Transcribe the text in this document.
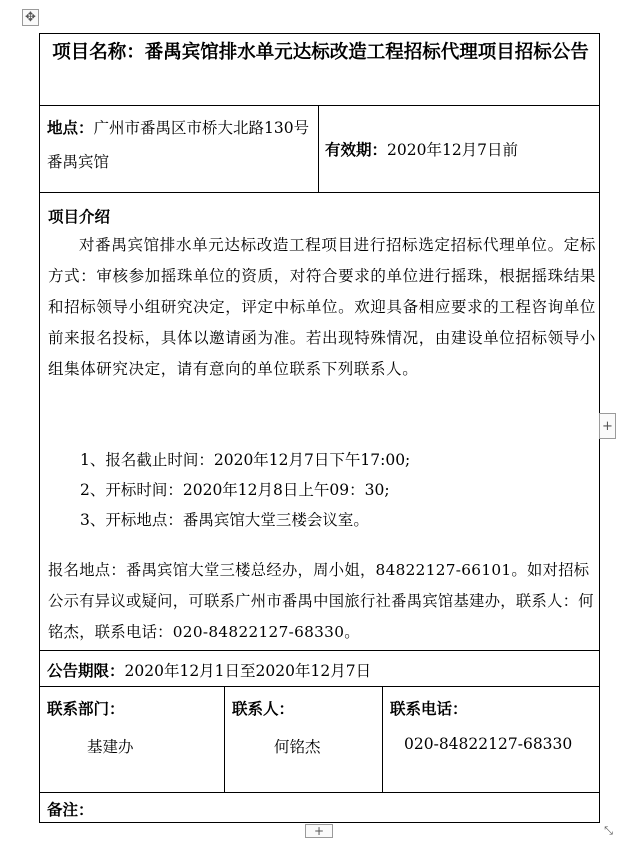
✥
项目名称：番禺宾馆排水单元达标改造工程招标代理项目招标公告
地点：广州市番禺区市桥大北路130号番禺宾馆
有效期：2020年12月7日前
项目介绍
对番禺宾馆排水单元达标改造工程项目进行招标选定招标代理单位。定标方式：审核参加摇珠单位的资质，对符合要求的单位进行摇珠，根据摇珠结果和招标领导小组研究决定，评定中标单位。欢迎具备相应要求的工程咨询单位前来报名投标，具体以邀请函为准。若出现特殊情况，由建设单位招标领导小组集体研究决定，请有意向的单位联系下列联系人。
1、报名截止时间：2020年12月7日下午17:00;
2、开标时间：2020年12月8日上午09：30;
3、开标地点：番禺宾馆大堂三楼会议室。
报名地点：番禺宾馆大堂三楼总经办，周小姐，84822127-66101。如对招标公示有异议或疑问，可联系广州市番禺中国旅行社番禺宾馆基建办，联系人：何铭杰，联系电话：020-84822127-68330。
公告期限：2020年12月1日至2020年12月7日
联系部门：
基建办
联系人：
何铭杰
联系电话：
020-84822127-68330
备注：
+
+	⤡
